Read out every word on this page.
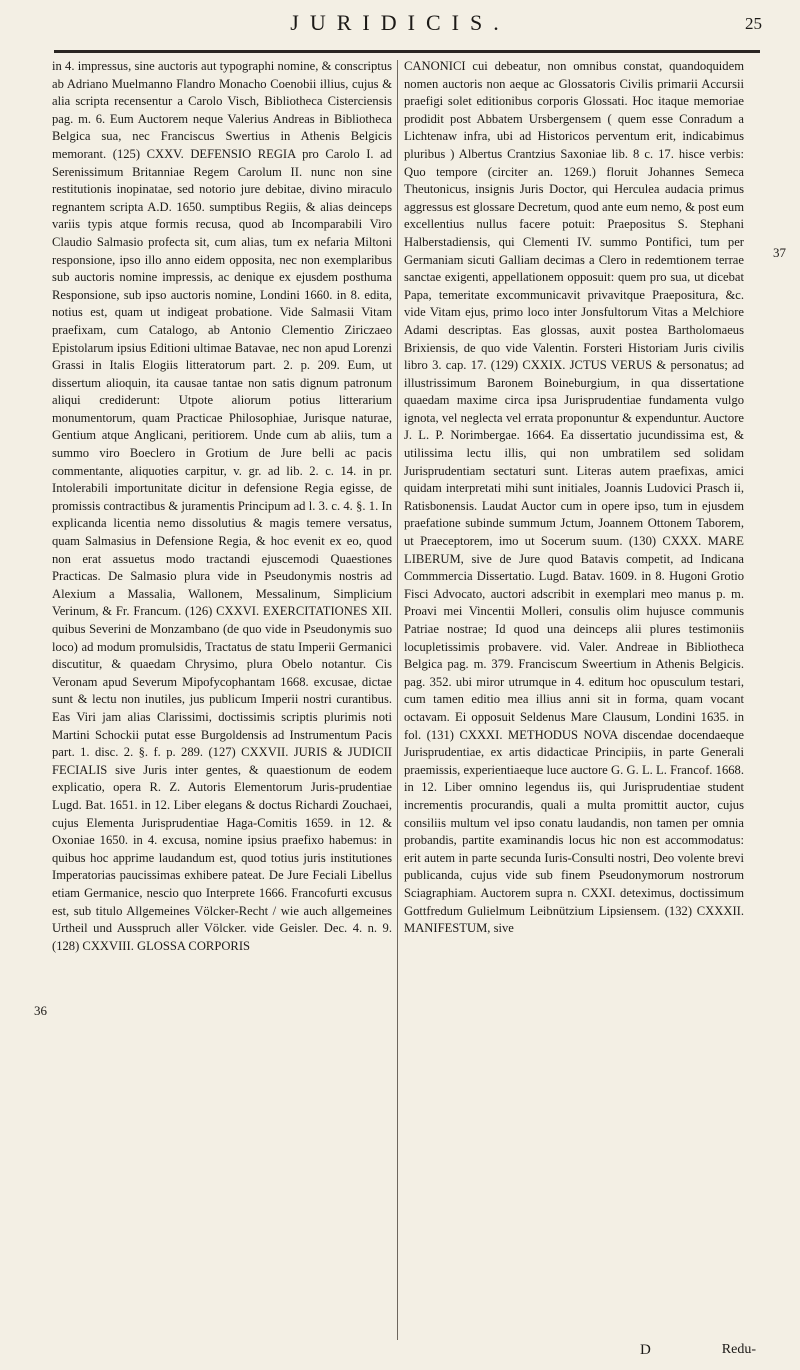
JURIDICIS.	25
36
37

in 4. impressus, sine auctoris aut typographi nomine, & conscriptus ab Adriano Muelmanno Flandro Monacho Coenobii illius, cujus & alia scripta recensentur a Carolo Visch, Bibliotheca Cisterciensis pag. m. 6. Eum Auctorem neque Valerius Andreas in Bibliotheca Belgica sua, nec Franciscus Swertius in Athenis Belgicis memorant. (125) CXXV. DEFENSIO REGIA pro Carolo I. ad Serenissimum Britanniae Regem Carolum II. nunc non sine restitutionis inopinatae, sed notorio jure debitae, divino miraculo regnantem scripta A.D. 1650. sumptibus Regiis, & alias deinceps variis typis atque formis recusa, quod ab Incomparabili Viro Claudio Salmasio profecta sit, cum alias, tum ex nefaria Miltoni responsione, ipso illo anno eidem opposita, nec non exemplaribus sub auctoris nomine impressis, ac denique ex ejusdem posthuma Responsione, sub ipso auctoris nomine, Londini 1660. in 8. edita, notius est, quam ut indigeat probatione. Vide Salmasii Vitam praefixam, cum Catalogo, ab Antonio Clementio Ziriczaeo Epistolarum ipsius Editioni ultimae Batavae, nec non apud Lorenzi Grassi in Italis Elogiis litteratorum part. 2. p. 209. Eum, ut dissertum alioquin, ita causae tantae non satis dignum patronum aliqui crediderunt: Utpote aliorum potius litterarium monumentorum, quam Practicae Philosophiae, Jurisque naturae, Gentium atque Anglicani, peritiorem. Unde cum ab aliis, tum a summo viro Boeclero in Grotium de Jure belli ac pacis commentante, aliquoties carpitur, v. gr. ad lib. 2. c. 14. in pr. Intolerabili importunitate dicitur in defensione Regia egisse, de promissis contractibus & juramentis Principum ad l. 3. c. 4. §. 1. In explicanda licentia nemo dissolutius & magis temere versatus, quam Salmasius in Defensione Regia, & hoc evenit ex eo, quod non erat assuetus modo tractandi ejuscemodi Quaestiones Practicas. De Salmasio plura vide in Pseudonymis nostris ad Alexium a Massalia, Wallonem, Messalinum, Simplicium Verinum, & Fr. Francum. (126) CXXVI. EXERCITATIONES XII. quibus Severini de Monzambano (de quo vide in Pseudonymis suo loco) ad modum promulsidis, Tractatus de statu Imperii Germanici discutitur, & quaedam Chrysimo, plura Obelo notantur. Cis Veronam apud Severum Mipofycophantam 1668. excusae, dictae sunt & lectu non inutiles, jus publicum Imperii nostri curantibus. Eas Viri jam alias Clarissimi, doctissimis scriptis plurimis noti Martini Schockii putat esse Burgoldensis ad Instrumentum Pacis part. 1. disc. 2. §. f. p. 289. (127) CXXVII. JURIS & JUDICII FECIALIS sive Juris inter gentes, & quaestionum de eodem explicatio, opera R. Z. Autoris Elementorum Juris-prudentiae Lugd. Bat. 1651. in 12. Liber elegans & doctus Richardi Zouchaei, cujus Elementa Jurisprudentiae Haga-Comitis 1659. in 12. & Oxoniae 1650. in 4. excusa, nomine ipsius praefixo habemus: in quibus hoc apprime laudandum est, quod totius juris institutiones Imperatorias paucissimas exhibere pateat. De Jure Feciali Libellus etiam Germanice, nescio quo Interprete 1666. Francofurti excusus est, sub titulo Allgemeines Völcker-Recht / wie auch allgemeines Urtheil und Ausspruch aller Völcker. vide Geisler. Dec. 4. n. 9. (128) CXXVIII. GLOSSA CORPORIS

CANONICI cui debeatur, non omnibus constat, quandoquidem nomen auctoris non aeque ac Glossatoris Civilis primarii Accursii praefigi solet editionibus corporis Glossati. Hoc itaque memoriae prodidit post Abbatem Ursbergensem ( quem esse Conradum a Lichtenaw infra, ubi ad Historicos perventum erit, indicabimus pluribus ) Albertus Crantzius Saxoniae lib. 8 c. 17. hisce verbis: Quo tempore (circiter an. 1269.) floruit Johannes Semeca Theutonicus, insignis Juris Doctor, qui Herculea audacia primus aggressus est glossare Decretum, quod ante eum nemo, & post eum excellentius nullus facere potuit: Praepositus S. Stephani Halberstadiensis, qui Clementi IV. summo Pontifici, tum per Germaniam sicuti Galliam decimas a Clero in redemtionem terrae sanctae exigenti, appellationem opposuit: quem pro sua, ut dicebat Papa, temeritate excommunicavit privavitque Praepositura, &c. vide Vitam ejus, primo loco inter Jonsfultorum Vitas a Melchiore Adami descriptas. Eas glossas, auxit postea Bartholomaeus Brixiensis, de quo vide Valentin. Forsteri Historiam Juris civilis libro 3. cap. 17. (129) CXXIX. JCTUS VERUS & personatus; ad illustrissimum Baronem Boineburgium, in qua dissertatione quaedam maxime circa ipsa Jurisprudentiae fundamenta vulgo ignota, vel neglecta vel errata proponuntur & expenduntur. Auctore J. L. P. Norimbergae. 1664. Ea dissertatio jucundissima est, & utilissima lectu illis, qui non umbratilem sed solidam Jurisprudentiam sectaturi sunt. Literas autem praefixas, amici quidam interpretati mihi sunt initiales, Joannis Ludovici Prasch ii, Ratisbonensis. Laudat Auctor cum in opere ipso, tum in ejusdem praefatione subinde summum Jctum, Joannem Ottonem Taborem, ut Praeceptorem, imo ut Socerum suum. (130) CXXX. MARE LIBERUM, sive de Jure quod Batavis competit, ad Indicana Commmercia Dissertatio. Lugd. Batav. 1609. in 8. Hugoni Grotio Fisci Advocato, auctori adscribit in exemplari meo manus p. m. Proavi mei Vincentii Molleri, consulis olim hujusce communis Patriae nostrae; Id quod una deinceps alii plures testimoniis locupletissimis probavere. vid. Valer. Andreae in Bibliotheca Belgica pag. m. 379. Franciscum Sweertium in Athenis Belgicis. pag. 352. ubi miror utrumque in 4. editum hoc opusculum testari, cum tamen editio mea illius anni sit in forma, quam vocant octavam. Ei opposuit Seldenus Mare Clausum, Londini 1635. in fol. (131) CXXXI. METHODUS NOVA discendae docendaeque Jurisprudentiae, ex artis didacticae Principiis, in parte Generali praemissis, experientiaeque luce auctore G. G. L. L. Francof. 1668. in 12. Liber omnino legendus iis, qui Jurisprudentiae student incrementis procurandis, quali a multa promittit auctor, cujus consiliis multum vel ipso conatu laudandis, non tamen per omnia probandis, partite examinandis locus hic non est accommodatus: erit autem in parte secunda Iuris-Consulti nostri, Deo volente brevi publicanda, cujus vide sub finem Pseudonymorum nostrorum Sciagraphiam. Auctorem supra n. CXXI. deteximus, doctissimum Gottfredum Gulielmum Leibnützium Lipsiensem. (132) CXXXII. MANIFESTUM, sive

D	Redu-
